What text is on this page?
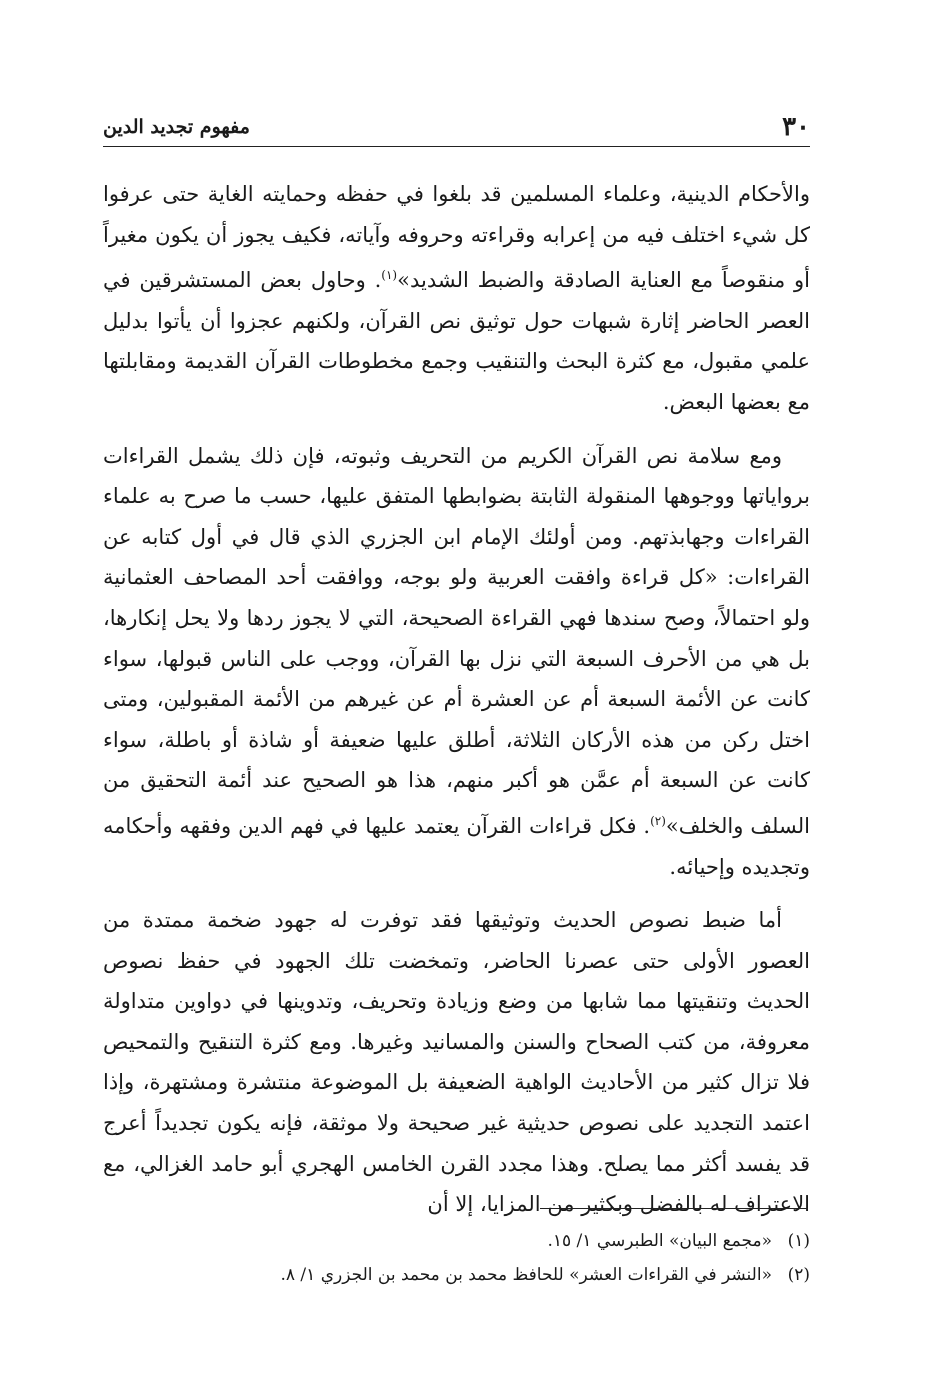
٣٠
مفهوم تجديد الدين

والأحكام الدينية، وعلماء المسلمين قد بلغوا في حفظه وحمايته الغاية حتى عرفوا كل شيء اختلف فيه من إعرابه وقراءته وحروفه وآياته، فكيف يجوز أن يكون مغيراً أو منقوصاً مع العناية الصادقة والضبط الشديد»$^{(١)}$. وحاول بعض المستشرقين في العصر الحاضر إثارة شبهات حول توثيق نص القرآن، ولكنهم عجزوا أن يأتوا بدليل علمي مقبول، مع كثرة البحث والتنقيب وجمع مخطوطات القرآن القديمة ومقابلتها مع بعضها البعض.

ومع سلامة نص القرآن الكريم من التحريف وثبوته، فإن ذلك يشمل القراءات برواياتها ووجوهها المنقولة الثابتة بضوابطها المتفق عليها، حسب ما صرح به علماء القراءات وجهابذتهم. ومن أولئك الإمام ابن الجزري الذي قال في أول كتابه عن القراءات: «كل قراءة وافقت العربية ولو بوجه، ووافقت أحد المصاحف العثمانية ولو احتمالاً، وصح سندها فهي القراءة الصحيحة، التي لا يجوز ردها ولا يحل إنكارها، بل هي من الأحرف السبعة التي نزل بها القرآن، ووجب على الناس قبولها، سواء كانت عن الأئمة السبعة أم عن العشرة أم عن غيرهم من الأئمة المقبولين، ومتى اختل ركن من هذه الأركان الثلاثة، أطلق عليها ضعيفة أو شاذة أو باطلة، سواء كانت عن السبعة أم عمَّن هو أكبر منهم، هذا هو الصحيح عند أئمة التحقيق من السلف والخلف»$^{(٢)}$. فكل قراءات القرآن يعتمد عليها في فهم الدين وفقهه وأحكامه وتجديده وإحيائه.

أما ضبط نصوص الحديث وتوثيقها فقد توفرت له جهود ضخمة ممتدة من العصور الأولى حتى عصرنا الحاضر، وتمخضت تلك الجهود في حفظ نصوص الحديث وتنقيتها مما شابها من وضع وزيادة وتحريف، وتدوينها في دواوين متداولة معروفة، من كتب الصحاح والسنن والمسانيد وغيرها. ومع كثرة التنقيح والتمحيص فلا تزال كثير من الأحاديث الواهية الضعيفة بل الموضوعة منتشرة ومشتهرة، وإذا اعتمد التجديد على نصوص حديثية غير صحيحة ولا موثقة، فإنه يكون تجديداً أعرج قد يفسد أكثر مما يصلح. وهذا مجدد القرن الخامس الهجري أبو حامد الغزالي، مع الاعتراف له بالفضل وبكثير من المزايا، إلا أن

(١)«مجمع البيان» الطبرسي ١/ ١٥.
(٢)«النشر في القراءات العشر» للحافظ محمد بن محمد بن الجزري ١/ ٨.
